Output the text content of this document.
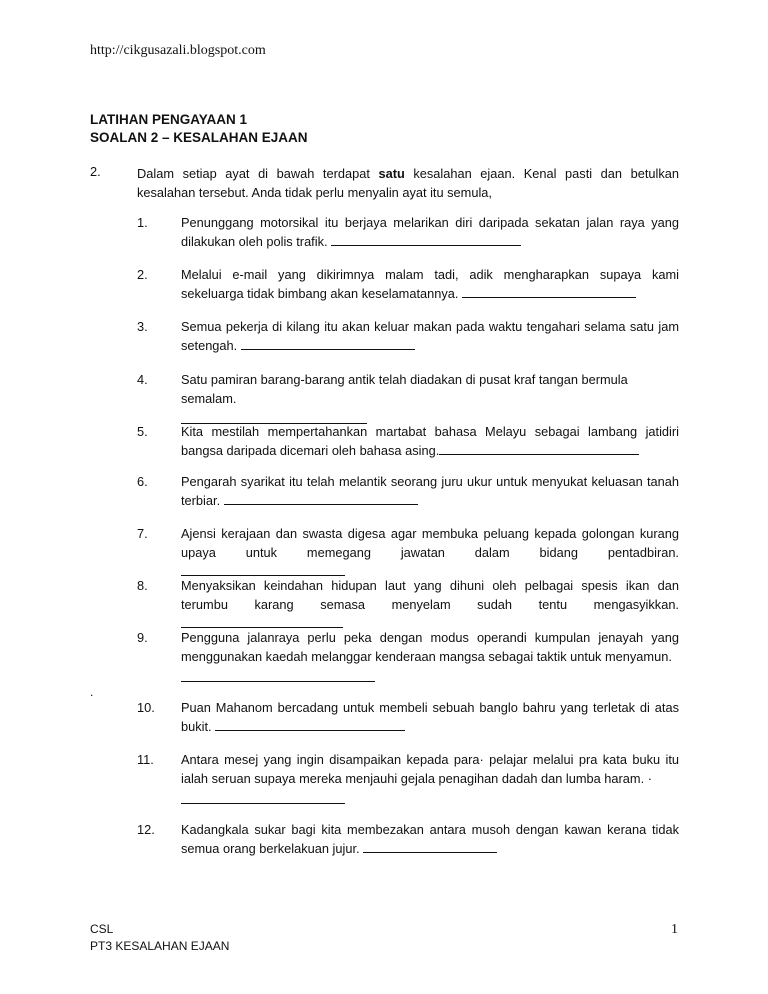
http://cikgusazali.blogspot.com
LATIHAN PENGAYAAN 1
SOALAN 2 – KESALAHAN EJAAN
2.	Dalam setiap ayat di bawah terdapat satu kesalahan ejaan. Kenal pasti dan betulkan kesalahan tersebut. Anda tidak perlu menyalin ayat itu semula,
1.	Penunggang motorsikal itu berjaya melarikan diri daripada sekatan jalan raya yang dilakukan oleh polis trafik.
2.	Melalui e-mail yang dikirimnya malam tadi, adik mengharapkan supaya kami sekeluarga tidak bimbang akan keselamatannya.
3.	Semua pekerja di kilang itu akan keluar makan pada waktu tengahari selama satu jam setengah.
4.	Satu pamiran barang-barang antik telah diadakan di pusat kraf tangan bermula semalam.
5.	Kita mestilah mempertahankan martabat bahasa Melayu sebagai lambang jatidiri bangsa daripada dicemari oleh bahasa asing.
6.	Pengarah syarikat itu telah melantik seorang juru ukur untuk menyukat keluasan tanah terbiar.
7.	Ajensi kerajaan dan swasta digesa agar membuka peluang kepada golongan kurang upaya untuk memegang jawatan dalam bidang pentadbiran.
8.	Menyaksikan keindahan hidupan laut yang dihuni oleh pelbagai spesis ikan dan terumbu karang semasa menyelam sudah tentu mengasyikkan.
9.	Pengguna jalanraya perlu peka dengan modus operandi kumpulan jenayah yang menggunakan kaedah melanggar kenderaan mangsa sebagai taktik untuk menyamun.
.
10. Puan Mahanom bercadang untuk membeli sebuah banglo bahru yang terletak di atas bukit.
11. Antara mesej yang ingin disampaikan kepada para· pelajar melalui pra kata buku itu ialah seruan supaya mereka menjauhi gejala penagihan dadah dan lumba haram. ·
12. Kadangkala sukar bagi kita membezakan antara musoh dengan kawan kerana tidak semua orang berkelakuan jujur.
CSL
PT3 KESALAHAN EJAAN
1
